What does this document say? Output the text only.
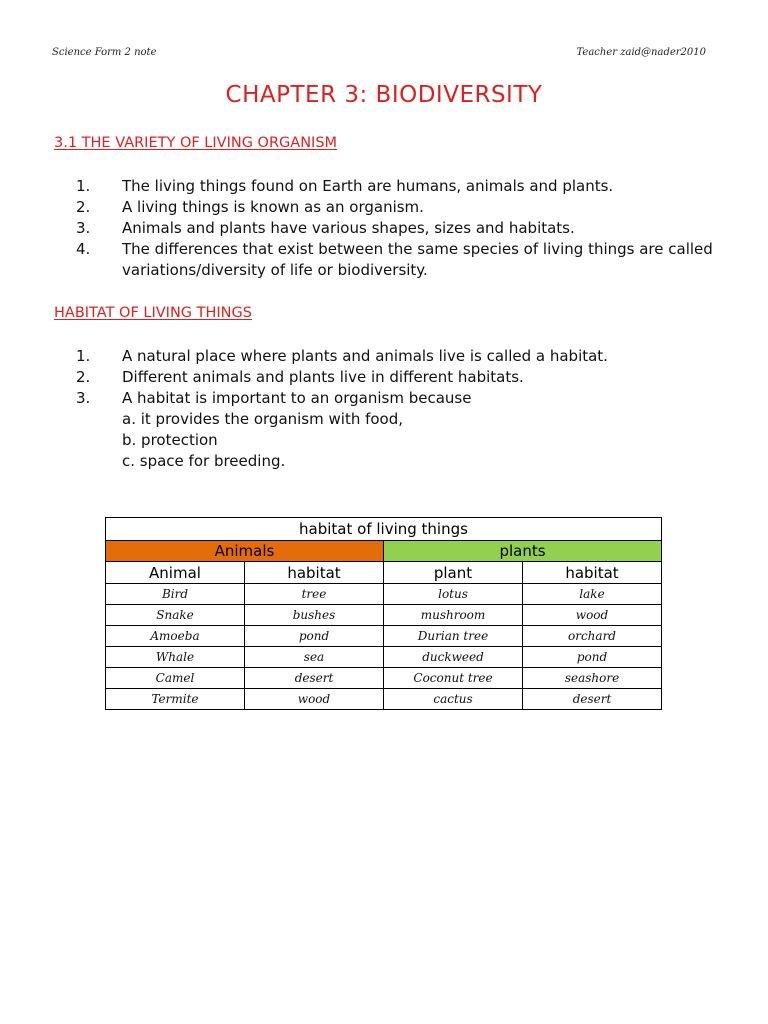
Science Form 2 note	Teacher zaid@nader2010
CHAPTER 3: BIODIVERSITY
3.1 THE VARIETY OF LIVING ORGANISM
1. The living things found on Earth are humans, animals and plants.
2. A living things is known as an organism.
3. Animals and plants have various shapes, sizes and habitats.
4. The differences that exist between the same species of living things are called variations/diversity of life or biodiversity.
HABITAT OF LIVING THINGS
1. A natural place where plants and animals live is called a habitat.
2. Different animals and plants live in different habitats.
3. A habitat is important to an organism because
a. it provides the organism with food,
b. protection
c. space for breeding.
habitat of living things			
Animals		plants	
Animal	habitat	plant	habitat
Bird	tree	lotus	lake
Snake	bushes	mushroom	wood
Amoeba	pond	Durian tree	orchard
Whale	sea	duckweed	pond
Camel	desert	Coconut tree	seashore
Termite	wood	cactus	desert
